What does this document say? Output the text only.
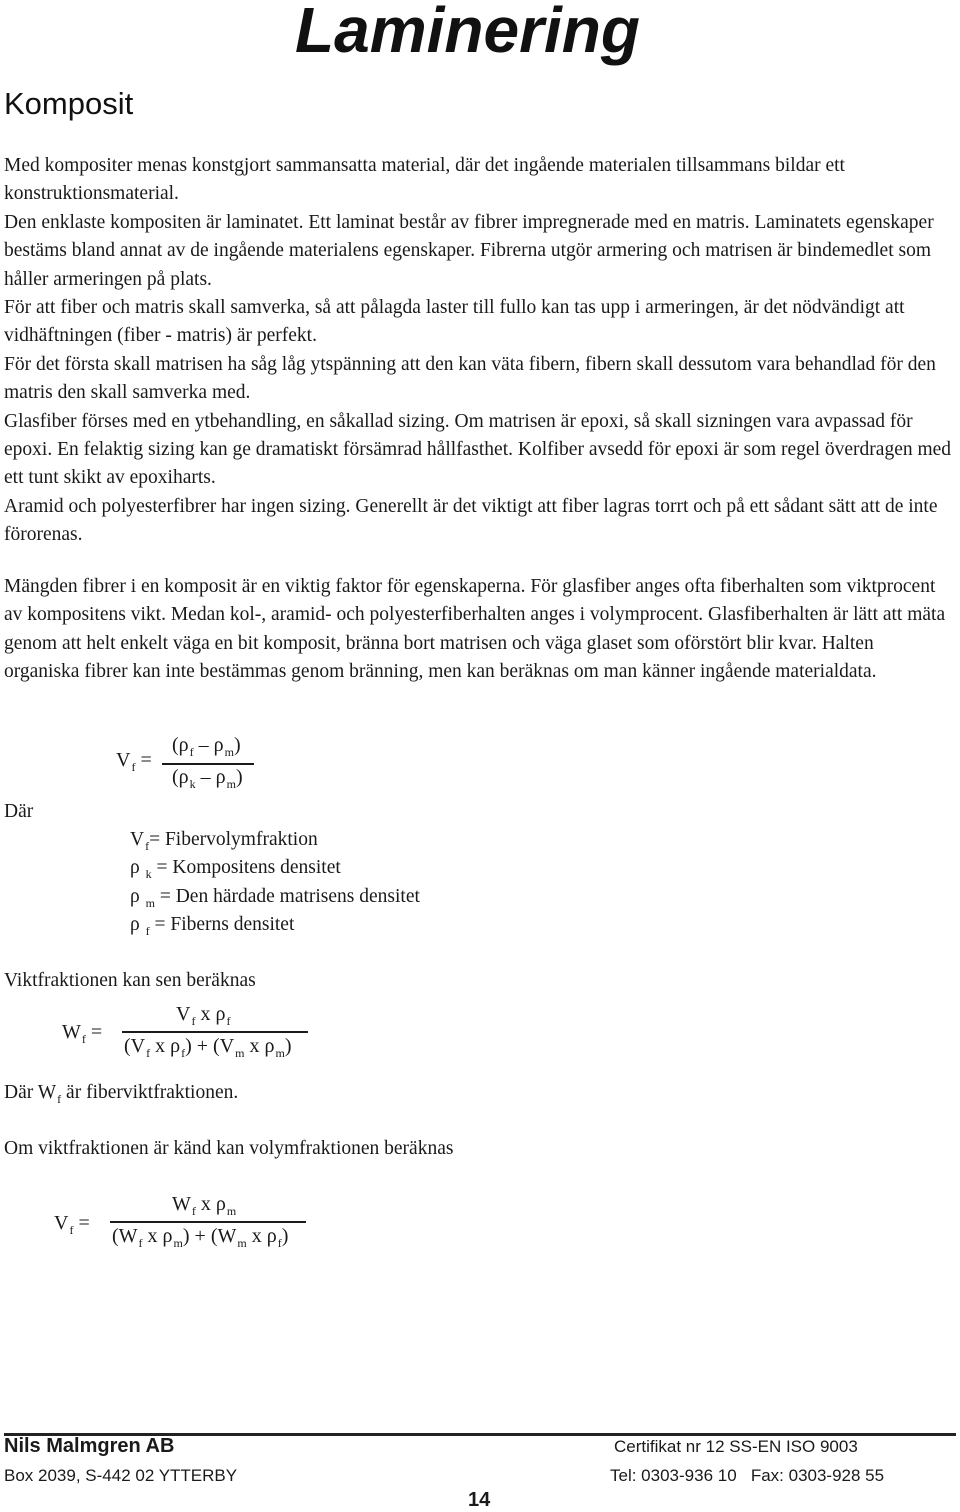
Laminering
Komposit

Med kompositer menas konstgjort sammansatta material, där det ingående materialen tillsammans bildar ett konstruktionsmaterial.

Den enklaste kompositen är laminatet. Ett laminat består av fibrer impregnerade med en matris. Laminatets egenskaper bestäms bland annat av de ingående materialens egenskaper. Fibrerna utgör armering och matrisen är bindemedlet som håller armeringen på plats.

För att fiber och matris skall samverka, så att pålagda laster till fullo kan tas upp i armeringen, är det nödvändigt att vidhäftningen (fiber - matris) är perfekt.

För det första skall matrisen ha såg låg ytspänning att den kan väta fibern, fibern skall dessutom vara behandlad för den matris den skall samverka med.

Glasfiber förses med en ytbehandling, en såkallad sizing. Om matrisen är epoxi, så skall sizningen vara avpassad för epoxi. En felaktig sizing kan ge dramatiskt försämrad hållfasthet. Kolfiber avsedd för epoxi är som regel överdragen med ett tunt skikt av epoxiharts.

Aramid och polyesterfibrer har ingen sizing. Generellt är det viktigt att fiber lagras torrt och på ett sådant sätt att de inte förorenas.

Mängden fibrer i en komposit är en viktig faktor för egenskaperna. För glasfiber anges ofta fiberhalten som viktprocent av kompositens vikt. Medan kol-, aramid- och polyesterfiberhalten anges i volymprocent. Glasfiberhalten är lätt att mäta genom att helt enkelt väga en bit komposit, bränna bort matrisen och väga glaset som oförstört blir kvar. Halten organiska fibrer kan inte bestämmas genom bränning, men kan beräknas om man känner ingående materialdata.

$V_f$ =
$(\rho_f - \rho_m)$
$(\rho_k - \rho_m)$
Där
$V_f=$ Fibervolymfraktion
ρ $_k$ = Kompositens densitet
ρ $_m$ = Den härdade matrisens densitet
ρ $_f$ = Fiberns densitet
Viktfraktionen kan sen beräknas
$W_f$ =
$V_f$ x $\rho_f$
($V_f$ x $\rho_f) + (V_m$ x $\rho_m$)
Där $W_f$ är fiberviktfraktionen.
Om viktfraktionen är känd kan volymfraktionen beräknas
$V_f$ =
$W_f$ x $\rho_m$
($W_f$ x $\rho_m) + (W_m$ x $\rho_f$)
Nils Malmgren AB	Certifikat nr 12 SS-EN ISO 9003
Box 2039, S-442 02 YTTERBY	Tel: 0303-936 10   Fax: 0303-928 55
14
